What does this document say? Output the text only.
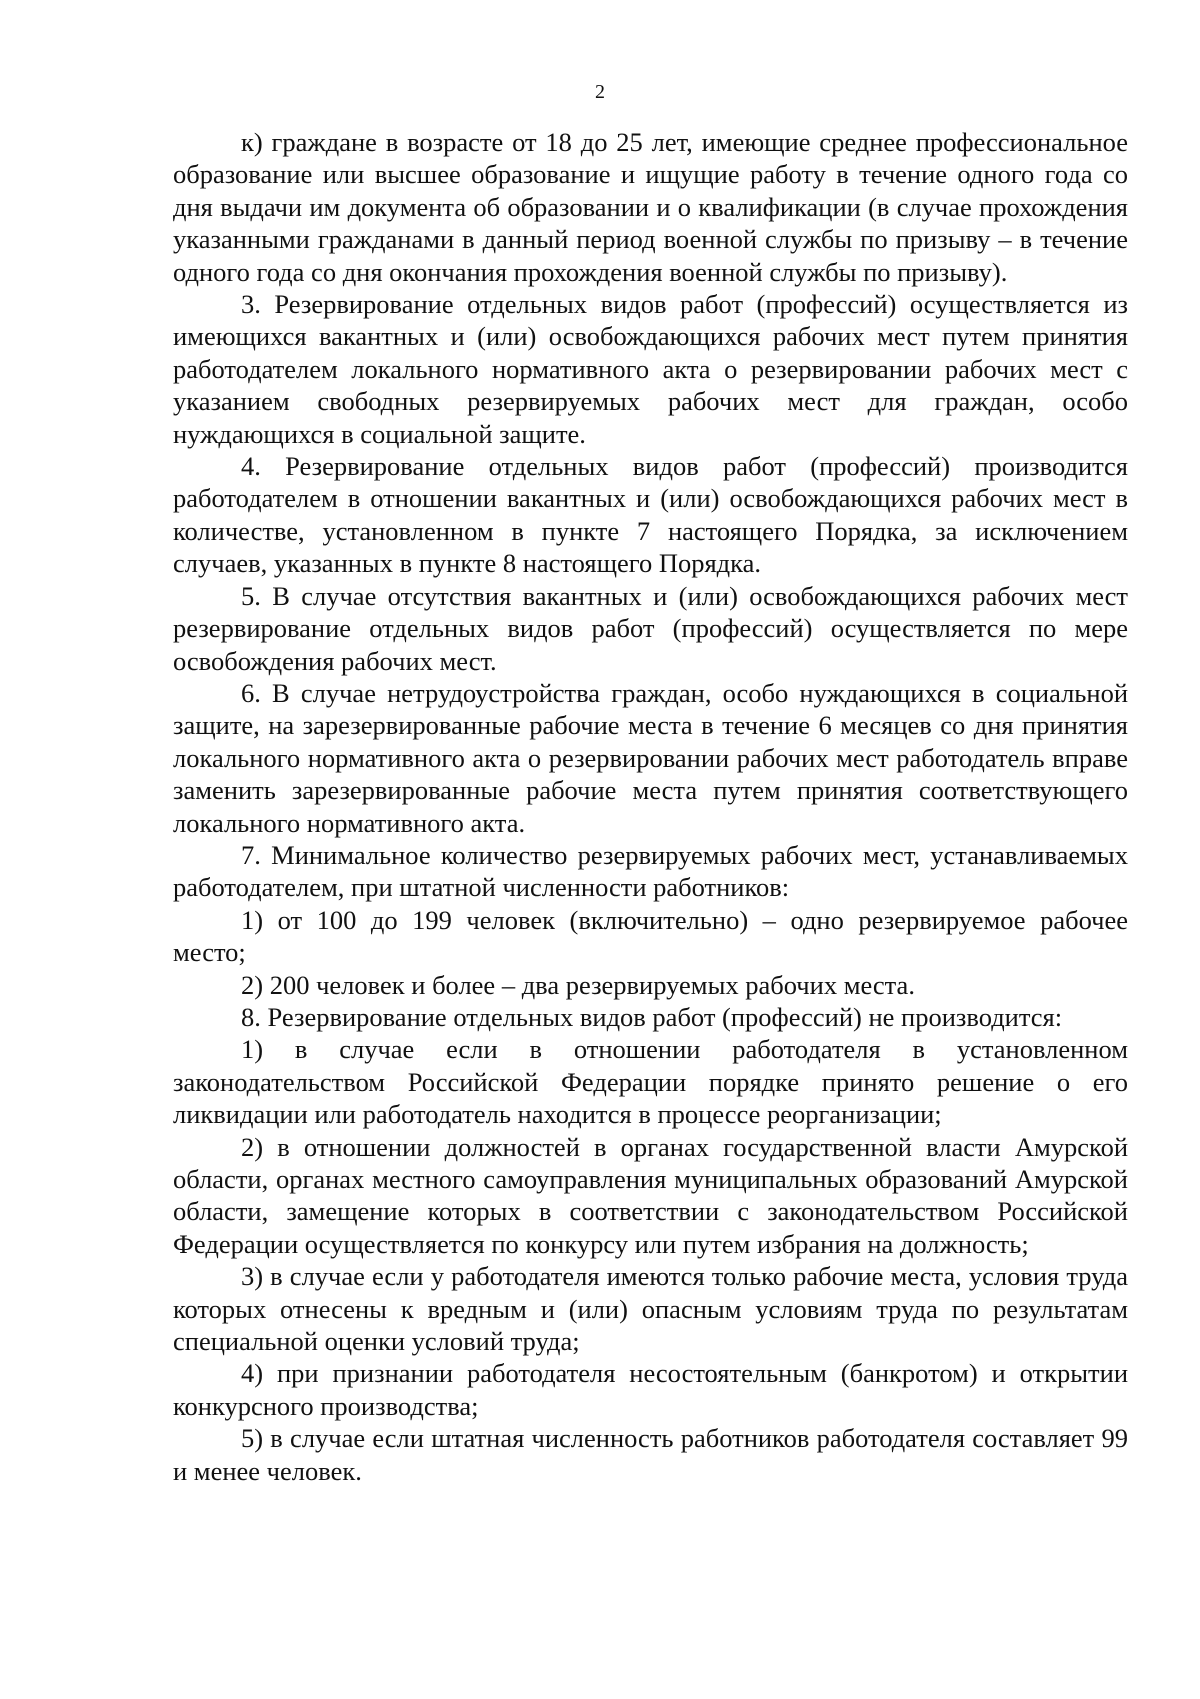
2

к) граждане в возрасте от 18 до 25 лет, имеющие среднее профессиональное образование или высшее образование и ищущие работу в течение одного года со дня выдачи им документа об образовании и о квалификации (в случае прохождения указанными гражданами в данный период военной службы по призыву – в течение одного года со дня окончания прохождения военной службы по призыву).

3. Резервирование отдельных видов работ (профессий) осуществляется из имеющихся вакантных и (или) освобождающихся рабочих мест путем принятия работодателем локального нормативного акта о резервировании рабочих мест с указанием свободных резервируемых рабочих мест для граждан, особо нуждающихся в социальной защите.

4. Резервирование отдельных видов работ (профессий) производится работодателем в отношении вакантных и (или) освобождающихся рабочих мест в количестве, установленном в пункте 7 настоящего Порядка, за исключением случаев, указанных в пункте 8 настоящего Порядка.

5. В случае отсутствия вакантных и (или) освобождающихся рабочих мест резервирование отдельных видов работ (профессий) осуществляется по мере освобождения рабочих мест.

6. В случае нетрудоустройства граждан, особо нуждающихся в социальной защите, на зарезервированные рабочие места в течение 6 месяцев со дня принятия локального нормативного акта о резервировании рабочих мест работодатель вправе заменить зарезервированные рабочие места путем принятия соответствующего локального нормативного акта.

7. Минимальное количество резервируемых рабочих мест, устанавливаемых работодателем, при штатной численности работников:

1) от 100 до 199 человек (включительно) – одно резервируемое рабочее место;

2) 200 человек и более – два резервируемых рабочих места.

8. Резервирование отдельных видов работ (профессий) не производится:

1) в случае если в отношении работодателя в установленном законодательством Российской Федерации порядке принято решение о его ликвидации или работодатель находится в процессе реорганизации;

2) в отношении должностей в органах государственной власти Амурской области, органах местного самоуправления муниципальных образований Амурской области, замещение которых в соответствии с законодательством Российской Федерации осуществляется по конкурсу или путем избрания на должность;

3) в случае если у работодателя имеются только рабочие места, условия труда которых отнесены к вредным и (или) опасным условиям труда по результатам специальной оценки условий труда;

4) при признании работодателя несостоятельным (банкротом) и открытии конкурсного производства;

5) в случае если штатная численность работников работодателя составляет 99 и менее человек.
